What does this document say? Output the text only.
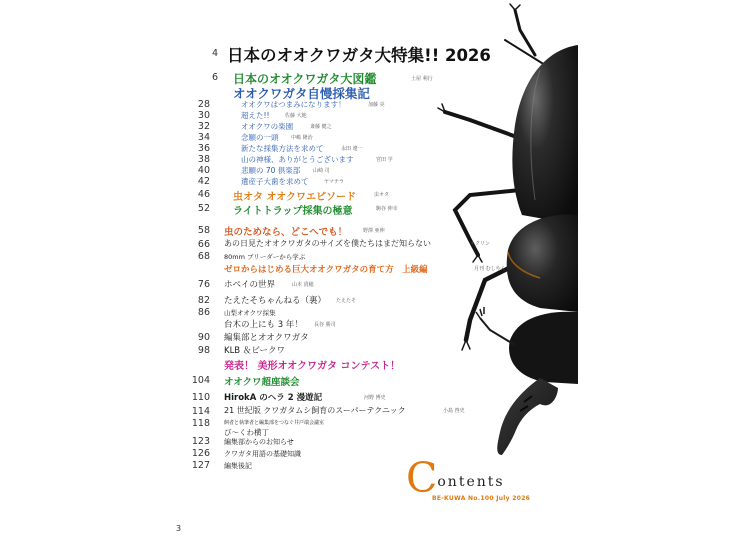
4 日本のオオクワガタ大特集!! 2026
6 日本のオオクワガタ大図鑑	土屋 利行
オオクワガタ自慢採集記
28	オオクワはつまみになります！	加藤 亮
30	超えた!!	佐藤 大地
32	オオクワの楽園	斎藤 健之
34	念願の一頭	中嶋 隆治
36	新たな採集方法を求めて	永田 遼一
38	山の神様、ありがとうございます	宮田 学
40	悲願の 70 倶楽部	山崎 司
42	遺産子大歯を求めて	ヤマテラ
46 虫オタ オオクワエピソード	虫オタ
52 ライトトラップ採集の極意	駒谷 伸幸
58 虫のためなら、どこへでも！	野澤 亜伸
66 あの日見たオオクワガタのサイズを僕たちはまだ知らない	キクリン
68 80mm ブリーダーから学ぶ
ゼロからはじめる巨大オオクワガタの育て方　上級編	月刊 むしやん
76 ホペイの世界	山本 貴穂
82 たえたそちゃんねる（裏） たえたそ
86 山梨オオクワ採集
台木の上にも 3 年！ 長谷 勝司
90 編集部とオオクワガタ
98 KLB ＆ビークワ
発表！ 美形オオクワガタ コンテスト！
104 オオクワ超座談会
110 HirokA のヘラ 2 漫遊記	河野 博史
114 21 世紀版 クワガタムシ飼育のスーパーテクニック	小島 啓史
118	飼者と執筆者と編集部をつなぐ井戸端会議室
び～くわ横丁
123 編集部からのお知らせ
126 クワガタ用語の基礎知識
127 編集後記	Contents
BE-KUWA No.100 July 2026
3
